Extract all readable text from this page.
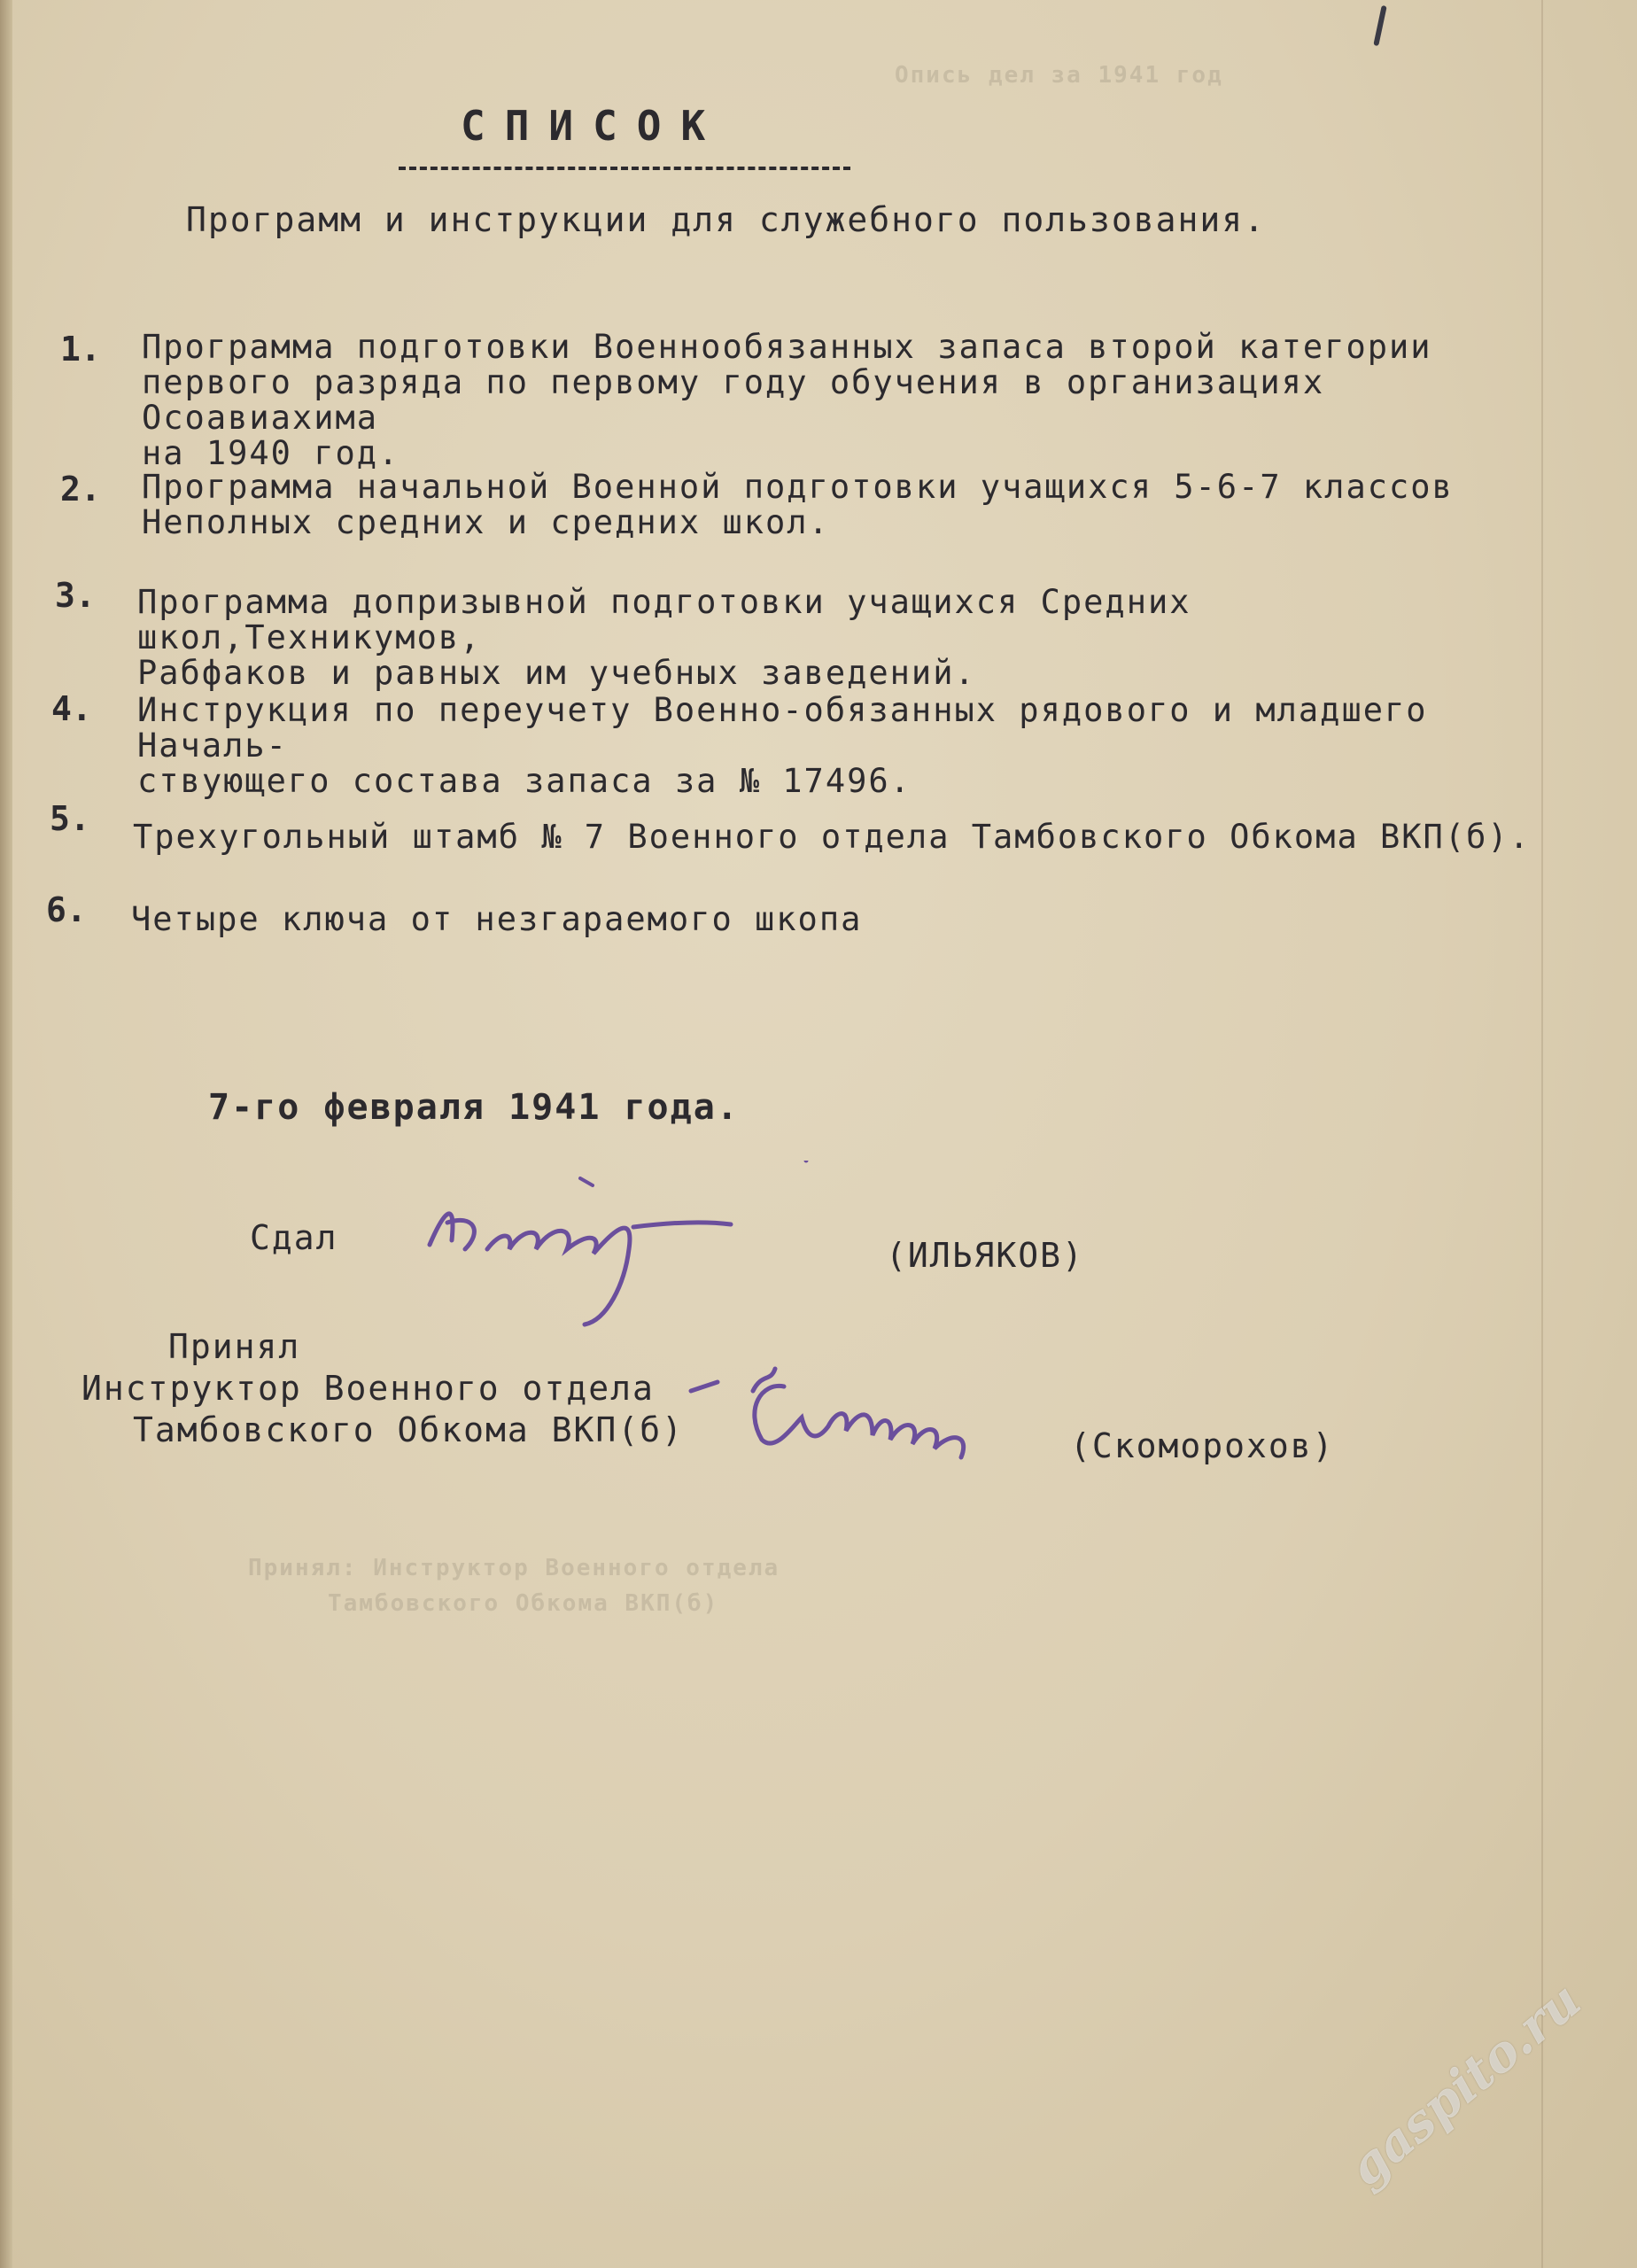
Опись дел за 1941 год
Принял: Инструктор Военного отдела
Тамбовского Обкома ВКП(б)
СПИСОК
Программ и инструкции для служебного пользования.
1. Программа подготовки Военнообязанных запаса второй категории
первого разряда по первому году обучения в организациях Осоавиахима
на 1940 год.
2. Программа начальной Военной подготовки учащихся 5-6-7 классов
Неполных средних и средних школ.
3. Программа допризывной подготовки учащихся Средних школ,Техникумов,
Рабфаков и равных им учебных заведений.
4. Инструкция по переучету Военно-обязанных рядового и младшего Началь-
ствующего состава запаса за № 17496.
5. Трехугольный штамб № 7 Военного отдела Тамбовского Обкома ВКП(б).
6. Четыре ключа от незгараемого шкопа
7-го февраля 1941 года.
Сдал	(ИЛЬЯКОВ)
Принял
Инструктор Военного отдела
Тамбовского Обкома ВКП(б)	(Скоморохов)
gaspito.ru
